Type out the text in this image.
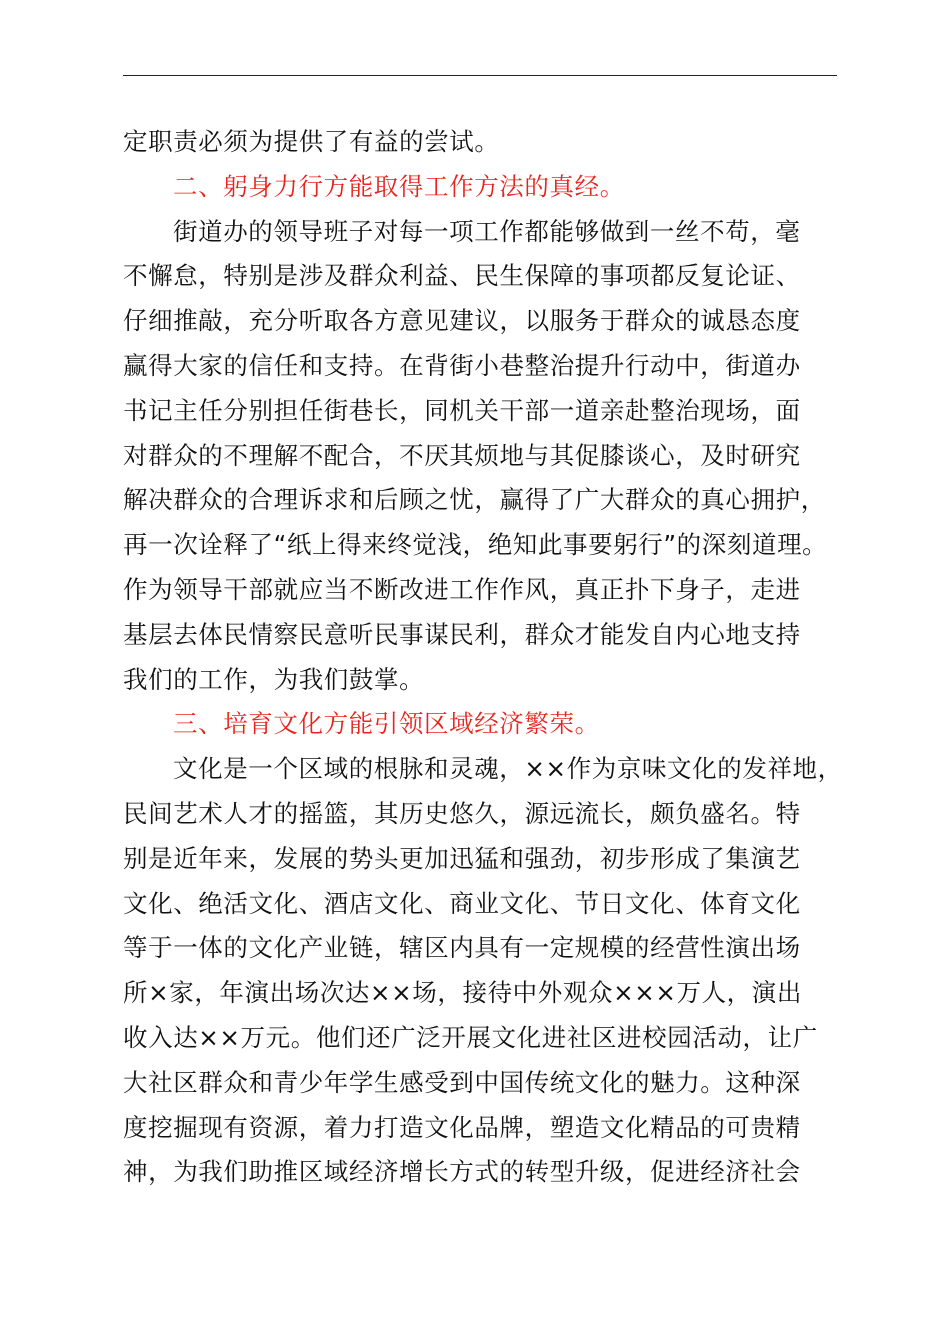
定职责必须为提供了有益的尝试。
二、躬身力行方能取得工作方法的真经。
街道办的领导班子对每一项工作都能够做到一丝不苟，毫
不懈怠，特别是涉及群众利益、民生保障的事项都反复论证、
仔细推敲，充分听取各方意见建议，以服务于群众的诚恳态度
赢得大家的信任和支持。在背街小巷整治提升行动中，街道办
书记主任分别担任街巷长，同机关干部一道亲赴整治现场，面
对群众的不理解不配合，不厌其烦地与其促膝谈心，及时研究
解决群众的合理诉求和后顾之忧，赢得了广大群众的真心拥护，
再一次诠释了“纸上得来终觉浅，绝知此事要躬行”的深刻道理。
作为领导干部就应当不断改进工作作风，真正扑下身子，走进
基层去体民情察民意听民事谋民利，群众才能发自内心地支持
我们的工作，为我们鼓掌。
三、培育文化方能引领区域经济繁荣。
文化是一个区域的根脉和灵魂，××作为京味文化的发祥地，
民间艺术人才的摇篮，其历史悠久，源远流长，颇负盛名。特
别是近年来，发展的势头更加迅猛和强劲，初步形成了集演艺
文化、绝活文化、酒店文化、商业文化、节日文化、体育文化
等于一体的文化产业链，辖区内具有一定规模的经营性演出场
所×家，年演出场次达××场，接待中外观众×××万人，演出
收入达××万元。他们还广泛开展文化进社区进校园活动，让广
大社区群众和青少年学生感受到中国传统文化的魅力。这种深
度挖掘现有资源，着力打造文化品牌，塑造文化精品的可贵精
神，为我们助推区域经济增长方式的转型升级，促进经济社会
